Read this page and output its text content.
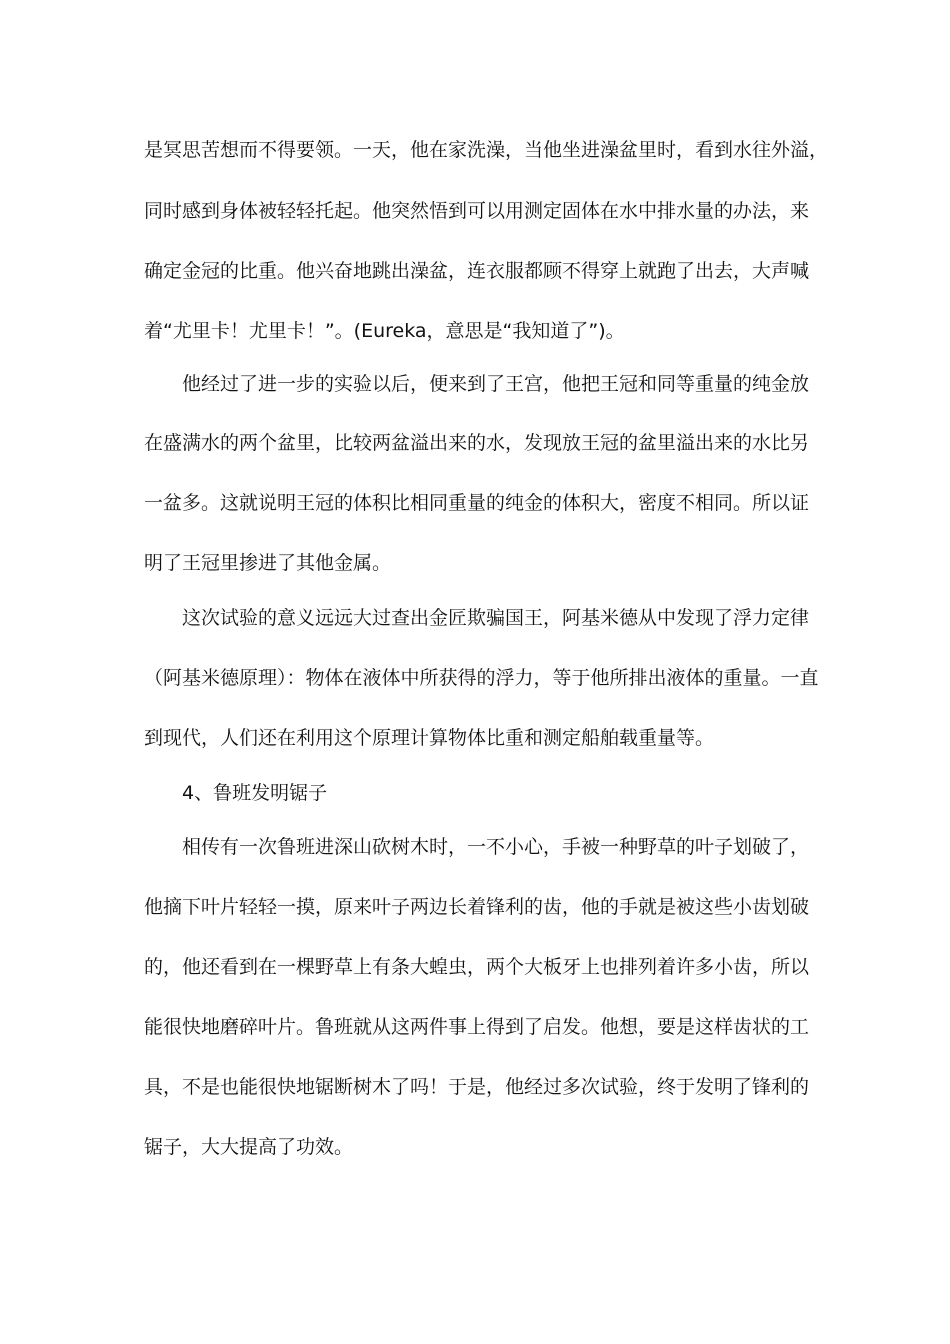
是冥思苦想而不得要领。一天，他在家洗澡，当他坐进澡盆里时，看到水往外溢，
同时感到身体被轻轻托起。他突然悟到可以用测定固体在水中排水量的办法，来
确定金冠的比重。他兴奋地跳出澡盆，连衣服都顾不得穿上就跑了出去，大声喊
着“尤里卡！尤里卡！”。(Eureka，意思是“我知道了”)。
他经过了进一步的实验以后，便来到了王宫，他把王冠和同等重量的纯金放
在盛满水的两个盆里，比较两盆溢出来的水，发现放王冠的盆里溢出来的水比另
一盆多。这就说明王冠的体积比相同重量的纯金的体积大，密度不相同。所以证
明了王冠里掺进了其他金属。
这次试验的意义远远大过查出金匠欺骗国王，阿基米德从中发现了浮力定律
（阿基米德原理）：物体在液体中所获得的浮力，等于他所排出液体的重量。一直
到现代，人们还在利用这个原理计算物体比重和测定船舶载重量等。
4、鲁班发明锯子
相传有一次鲁班进深山砍树木时，一不小心，手被一种野草的叶子划破了，
他摘下叶片轻轻一摸，原来叶子两边长着锋利的齿，他的手就是被这些小齿划破
的，他还看到在一棵野草上有条大蝗虫，两个大板牙上也排列着许多小齿，所以
能很快地磨碎叶片。鲁班就从这两件事上得到了启发。他想，要是这样齿状的工
具，不是也能很快地锯断树木了吗！于是，他经过多次试验，终于发明了锋利的
锯子，大大提高了功效。
